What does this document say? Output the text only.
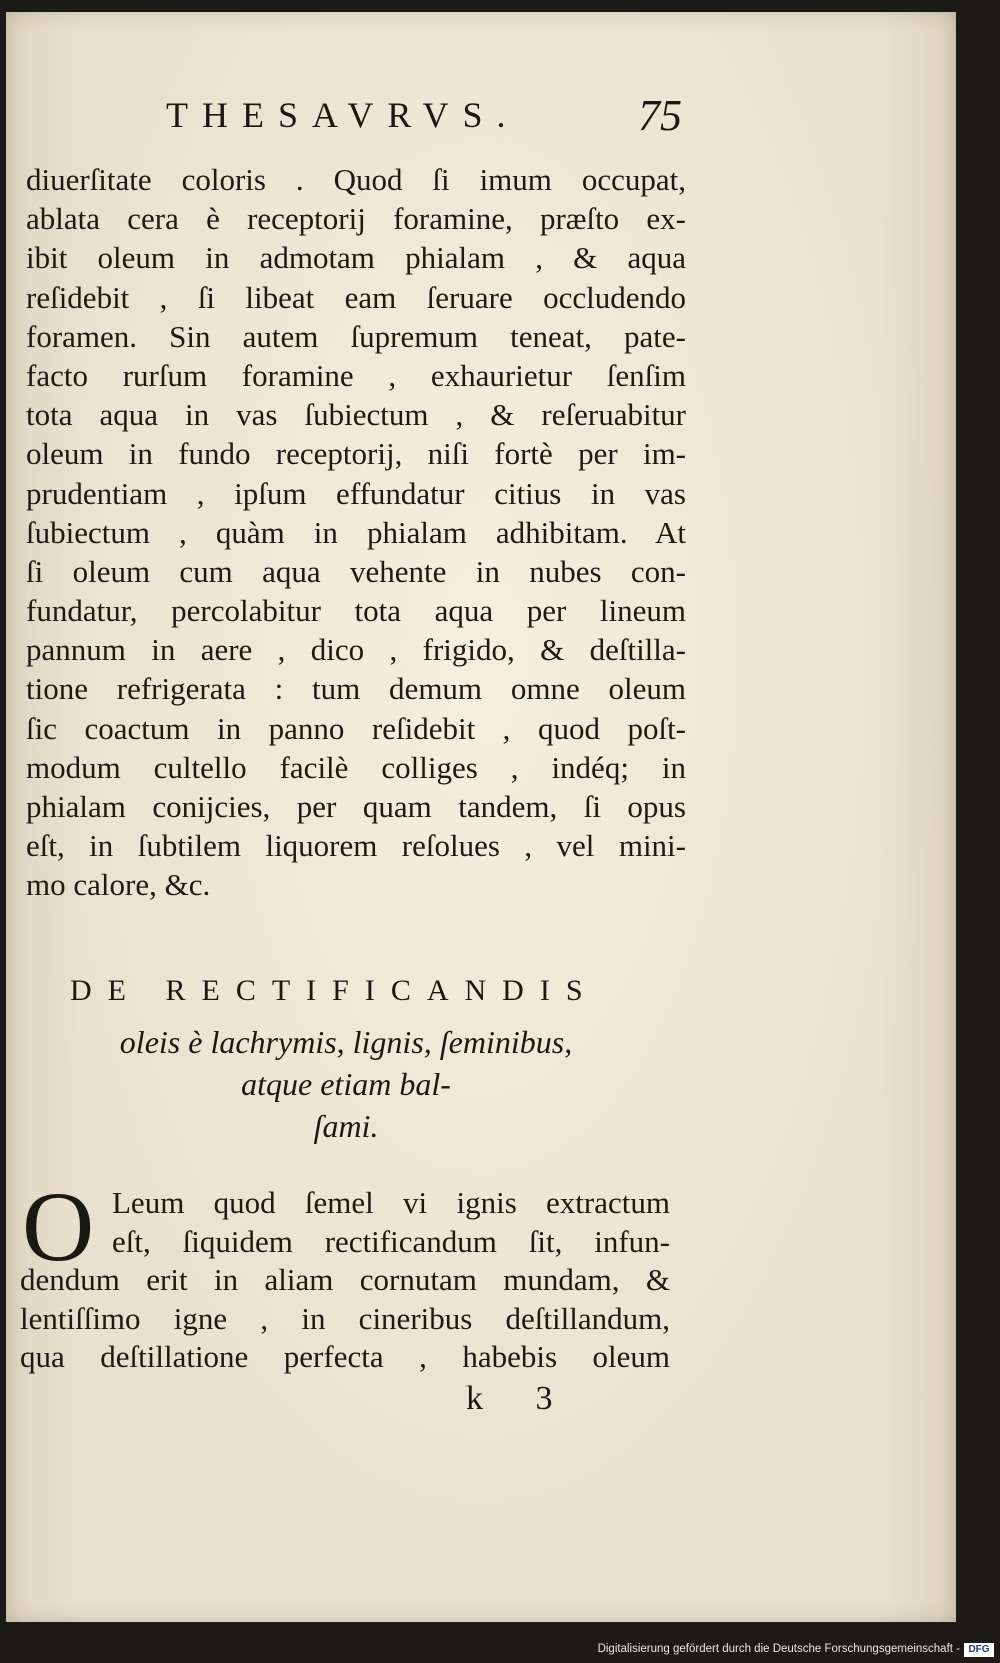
THESAVRVS.	75
diuerſitate coloris . Quod ſi imum occupat,
ablata cera è receptorij foramine, præſto ex-
ibit oleum in admotam phialam , & aqua
reſidebit , ſi libeat eam ſeruare occludendo
foramen. Sin autem ſupremum teneat, pate-
facto rurſum foramine , exhaurietur ſenſim
tota aqua in vas ſubiectum , & reſeruabitur
oleum in fundo receptorij, niſi fortè per im-
prudentiam , ipſum effundatur citius in vas
ſubiectum , quàm in phialam adhibitam. At
ſi oleum cum aqua vehente in nubes con-
fundatur, percolabitur tota aqua per lineum
pannum in aere , dico , frigido, & deſtilla-
tione refrigerata : tum demum omne oleum
ſic coactum in panno reſidebit , quod poſt-
modum cultello facilè colliges , indéq; in
phialam conijcies, per quam tandem, ſi opus
eſt, in ſubtilem liquorem reſolues , vel mini-
mo calore, &c.
DE RECTIFICANDIS
oleis è lachrymis, lignis, ſeminibus,
atque etiam bal-
ſami.
O Leum quod ſemel vi ignis extractum
eſt, ſiquidem rectificandum ſit, infun-
dendum erit in aliam cornutam mundam, &
lentiſſimo igne , in cineribus deſtillandum,
qua deſtillatione perfecta , habebis oleum
k 3
Digitalisierung gefördert durch die Deutsche Forschungsgemeinschaft - DFG
